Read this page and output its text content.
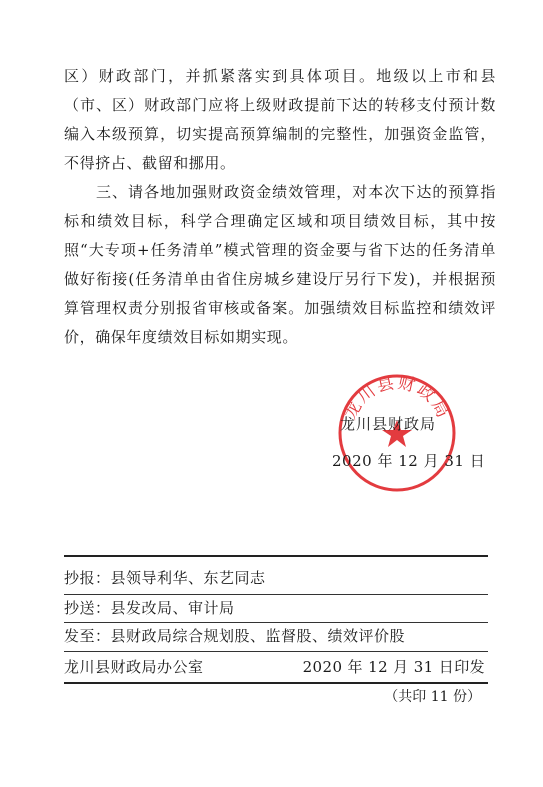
区）财政部门，并抓紧落实到具体项目。地级以上市和县（市、区）财政部门应将上级财政提前下达的转移支付预计数编入本级预算，切实提高预算编制的完整性，加强资金监管，不得挤占、截留和挪用。

三、请各地加强财政资金绩效管理，对本次下达的预算指标和绩效目标，科学合理确定区域和项目绩效目标，其中按照“大专项+任务清单”模式管理的资金要与省下达的任务清单做好衔接(任务清单由省住房城乡建设厅另行下发)，并根据预算管理权责分别报省审核或备案。加强绩效目标监控和绩效评价，确保年度绩效目标如期实现。

龙川县财政局
龙川县财政局
2020 年 12 月 31 日
抄报：县领导利华、东艺同志
抄送：县发改局、审计局
发至：县财政局综合规划股、监督股、绩效评价股
龙川县财政局办公室	2020 年 12 月 31 日印发
（共印 11 份）
